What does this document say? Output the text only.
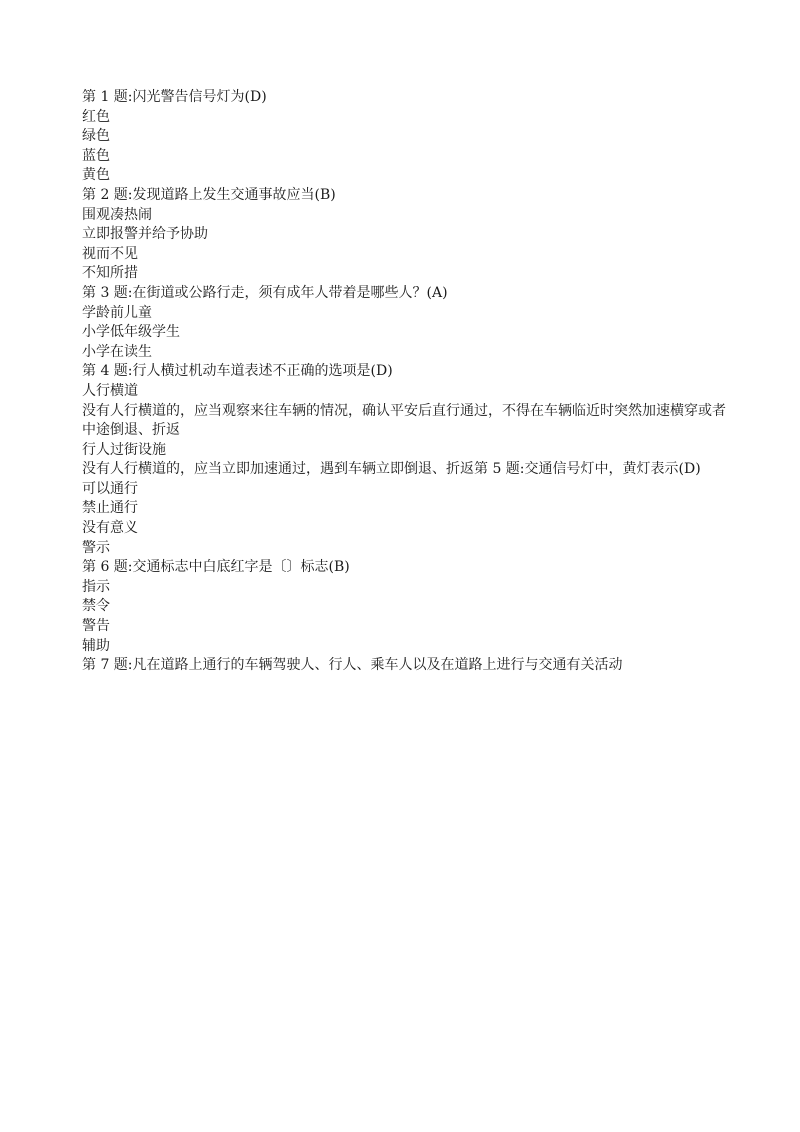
第 1 题:闪光警告信号灯为(D)
红色
绿色
蓝色
黄色
第 2 题:发现道路上发生交通事故应当(B)
围观凑热闹
立即报警并给予协助
视而不见
不知所措
第 3 题:在街道或公路行走，须有成年人带着是哪些人？(A)
学龄前儿童
小学低年级学生
小学在读生
第 4 题:行人横过机动车道表述不正确的选项是(D)
人行横道
没有人行横道的，应当观察来往车辆的情况，确认平安后直行通过，不得在车辆临近时突然加速横穿或者中途倒退、折返
行人过街设施
没有人行横道的，应当立即加速通过，遇到车辆立即倒退、折返第 5 题:交通信号灯中，黄灯表示(D)
可以通行
禁止通行
没有意义
警示
第 6 题:交通标志中白底红字是〔〕标志(B)
指示
禁令
警告
辅助
第 7 题:凡在道路上通行的车辆驾驶人、行人、乘车人以及在道路上进行与交通有关活动
